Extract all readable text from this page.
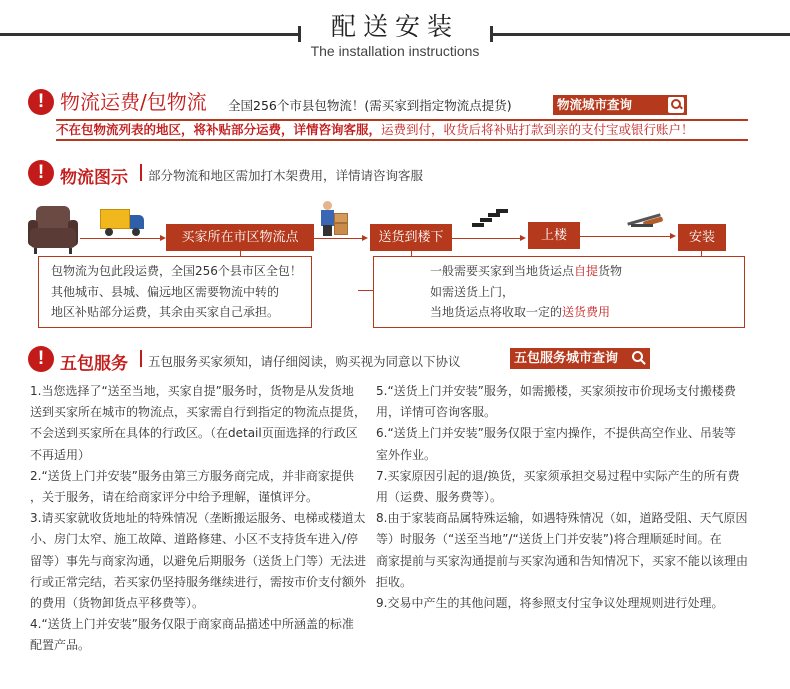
配送安装
The installation instructions
! 物流运费/包物流 全国256个市县包物流！(需买家到指定物流点提货)	物流城市查询
不在包物流列表的地区，将补贴部分运费，详情咨询客服，运费到付，收货后将补贴打款到亲的支付宝或银行账户！
! 物流图示 部分物流和地区需加打木架费用，详情请咨询客服
买家所在市区物流点	送货到楼下	上楼	安装
包物流为包此段运费，全国256个县市区全包！
其他城市、县城、偏远地区需要物流中转的
地区补贴部分运费，其余由买家自己承担。
一般需要买家到当地货运点自提货物
如需送货上门，
当地货运点将收取一定的送货费用
! 五包服务 五包服务买家须知，请仔细阅读，购买视为同意以下协议	五包服务城市查询

1.当您选择了“送至当地，买家自提”服务时，货物是从发货地

送到买家所在城市的物流点，买家需自行到指定的物流点提货，

不会送到买家所在具体的行政区。（在detail页面选择的行政区

不再适用）

2.“送货上门并安装”服务由第三方服务商完成，并非商家提供

，关于服务，请在给商家评分中给予理解，谨慎评分。

3.请买家就收货地址的特殊情况（垄断搬运服务、电梯或楼道太

小、房门太窄、施工故障、道路修建、小区不支持货车进入/停

留等）事先与商家沟通，以避免后期服务（送货上门等）无法进

行或正常完结，若买家仍坚持服务继续进行，需按市价支付额外

的费用（货物卸货点平移费等）。

4.“送货上门并安装”服务仅限于商家商品描述中所涵盖的标准

配置产品。

5.“送货上门并安装”服务，如需搬楼，买家须按市价现场支付搬楼费

用，详情可咨询客服。

6.“送货上门并安装”服务仅限于室内操作，不提供高空作业、吊装等

室外作业。

7.买家原因引起的退/换货，买家须承担交易过程中实际产生的所有费

用（运费、服务费等）。

8.由于家装商品属特殊运输，如遇特殊情况（如，道路受阻、天气原因

等）时服务（“送至当地”/“送货上门并安装”)将合理顺延时间。在

商家提前与买家沟通提前与买家沟通和告知情况下，买家不能以该理由

拒收。

9.交易中产生的其他问题，将参照支付宝争议处理规则进行处理。
